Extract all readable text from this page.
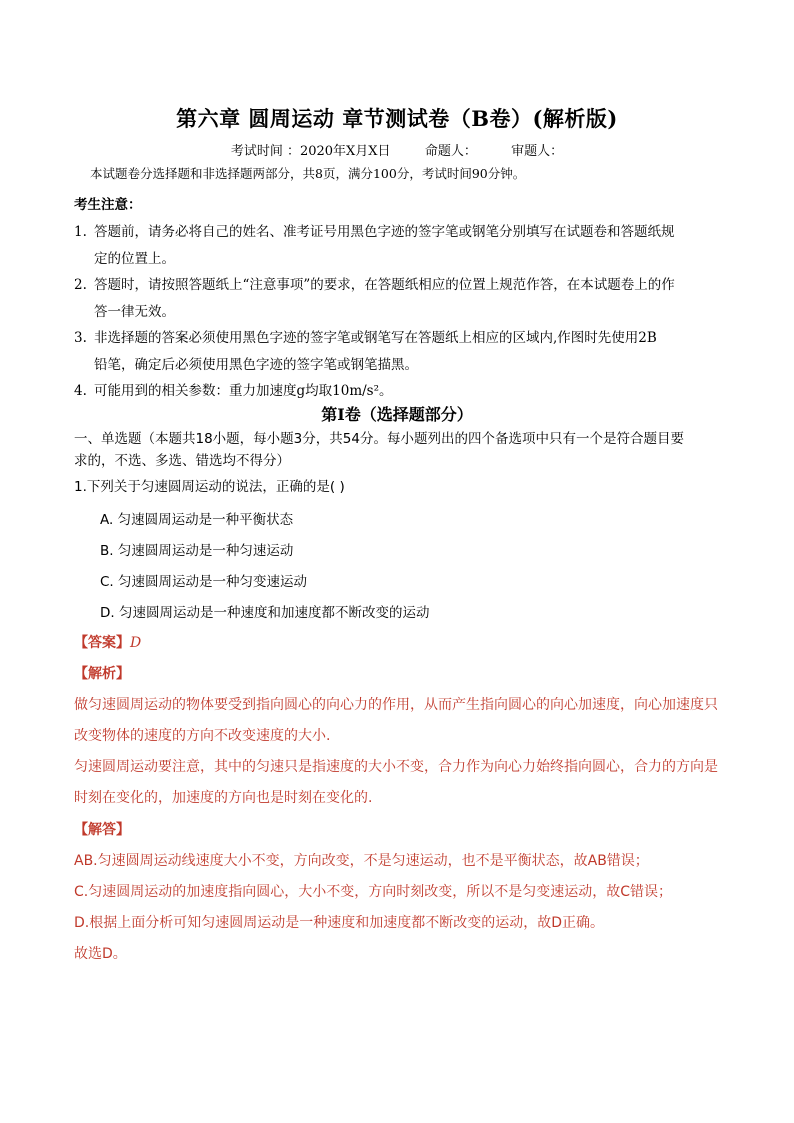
第六章 圆周运动 章节测试卷（B卷）(解析版)
考试时间 ：2020年X月X日	命题人：	审题人：
本试题卷分选择题和非选择题两部分，共8页，满分100分，考试时间90分钟。
考生注意：
1. 答题前，请务必将自己的姓名、准考证号用黑色字迹的签字笔或钢笔分别填写在试题卷和答题纸规
定的位置上。
2. 答题时，请按照答题纸上“注意事项”的要求，在答题纸相应的位置上规范作答，在本试题卷上的作
答一律无效。
3. 非选择题的答案必须使用黑色字迹的签字笔或钢笔写在答题纸上相应的区域内,作图时先使用2B
铅笔，确定后必须使用黑色字迹的签字笔或钢笔描黑。
4. 可能用到的相关参数：重力加速度g均取10m/s²。
第I卷（选择题部分）
一、单选题（本题共18小题，每小题3分，共54分。每小题列出的四个备选项中只有一个是符合题目要
求的，不选、多选、错选均不得分）
1.下列关于匀速圆周运动的说法，正确的是( )
A. 匀速圆周运动是一种平衡状态
B. 匀速圆周运动是一种匀速运动
C. 匀速圆周运动是一种匀变速运动
D. 匀速圆周运动是一种速度和加速度都不断改变的运动
【答案】D
【解析】
做匀速圆周运动的物体要受到指向圆心的向心力的作用，从而产生指向圆心的向心加速度，向心加速度只
改变物体的速度的方向不改变速度的大小.
匀速圆周运动要注意，其中的匀速只是指速度的大小不变，合力作为向心力始终指向圆心，合力的方向是
时刻在变化的，加速度的方向也是时刻在变化的.
【解答】
AB.匀速圆周运动线速度大小不变，方向改变，不是匀速运动，也不是平衡状态，故AB错误；
C.匀速圆周运动的加速度指向圆心，大小不变，方向时刻改变，所以不是匀变速运动，故C错误；
D.根据上面分析可知匀速圆周运动是一种速度和加速度都不断改变的运动，故D正确。
故选D。
